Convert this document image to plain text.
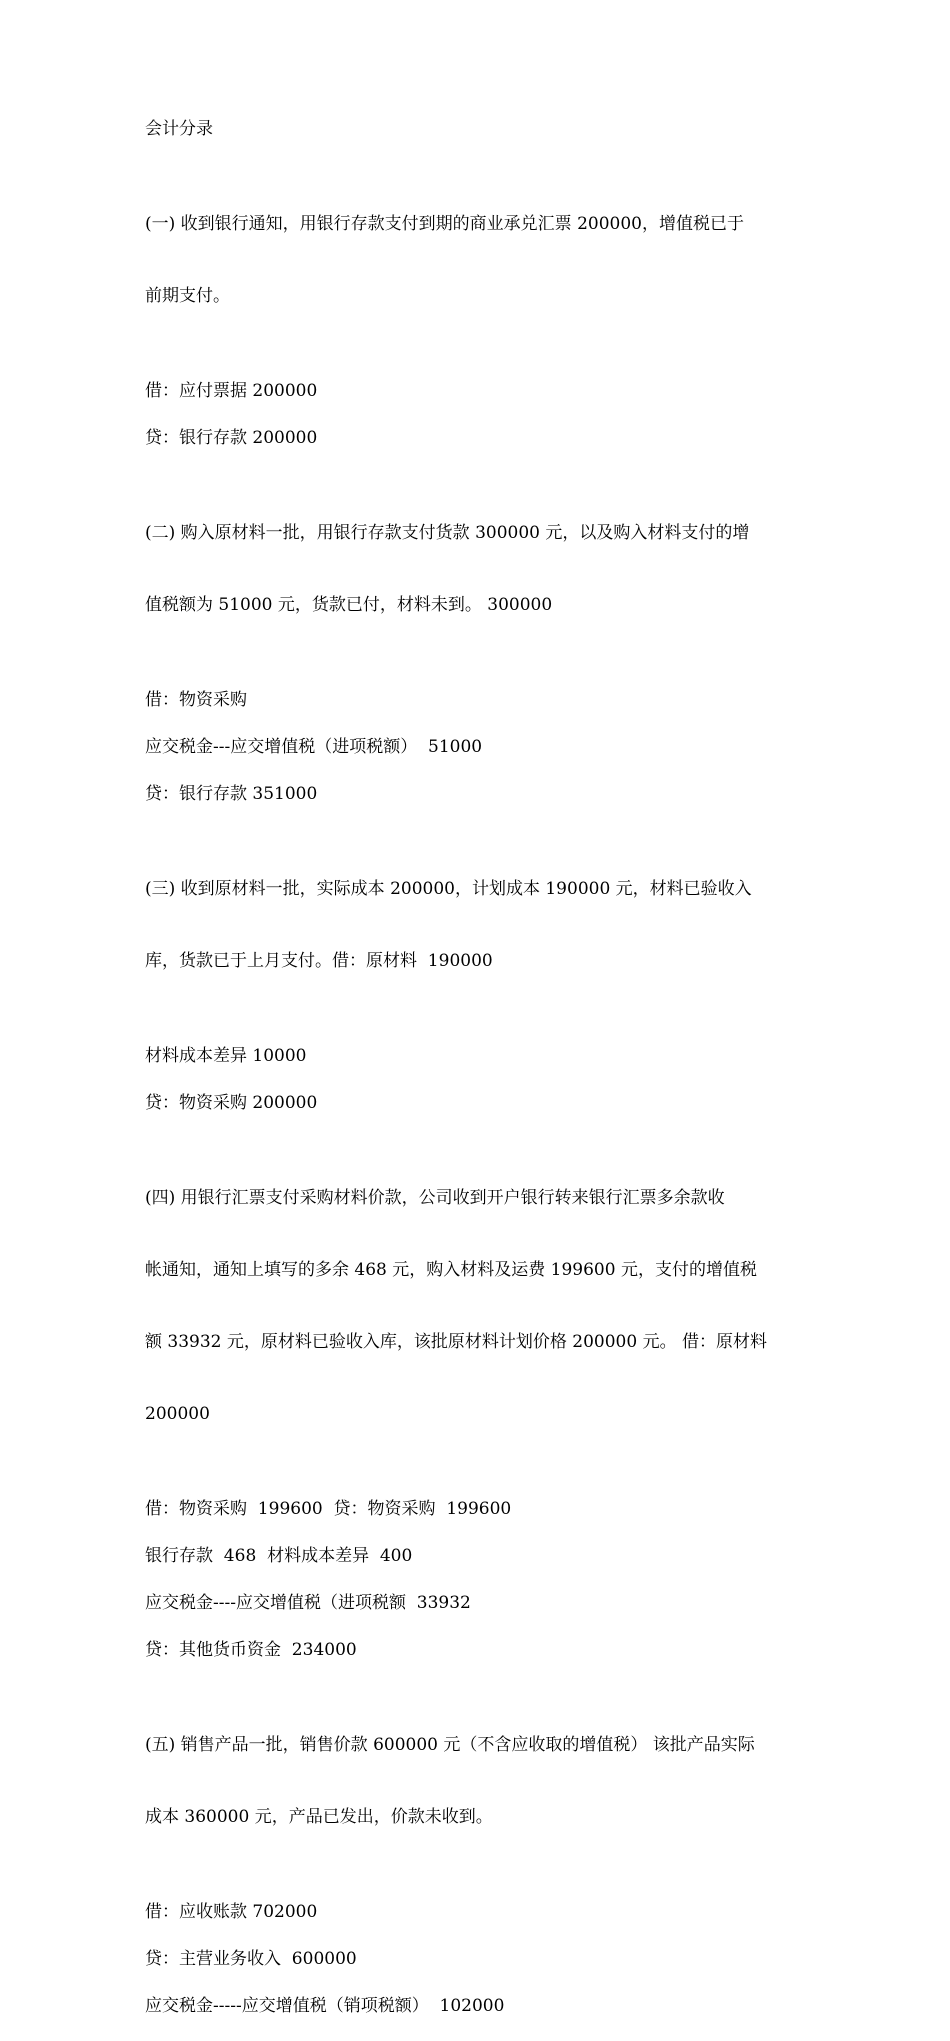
会计分录

(一) 收到银行通知，用银行存款支付到期的商业承兑汇票 200000，增值税已于

前期支付。

借：应付票据 200000
贷：银行存款 200000

(二) 购入原材料一批，用银行存款支付货款 300000 元，以及购入材料支付的增

值税额为 51000 元，货款已付，材料未到。 300000

借：物资采购
应交税金---应交增值税（进项税额）  51000
贷：银行存款 351000

(三) 收到原材料一批，实际成本 200000，计划成本 190000 元，材料已验收入

库，货款已于上月支付。借：原材料  190000

材料成本差异 10000
贷：物资采购 200000

(四) 用银行汇票支付采购材料价款，公司收到开户银行转来银行汇票多余款收

帐通知，通知上填写的多余 468 元，购入材料及运费 199600 元，支付的增值税

额 33932 元，原材料已验收入库，该批原材料计划价格 200000 元。 借：原材料

200000

借：物资采购  199600  贷：物资采购  199600
银行存款  468  材料成本差异  400
应交税金----应交增值税（进项税额  33932
贷：其他货币资金  234000

(五) 销售产品一批，销售价款 600000 元（不含应收取的增值税） 该批产品实际

成本 360000 元，产品已发出，价款未收到。

借：应收账款 702000
贷：主营业务收入  600000
应交税金-----应交增值税（销项税额）  102000
